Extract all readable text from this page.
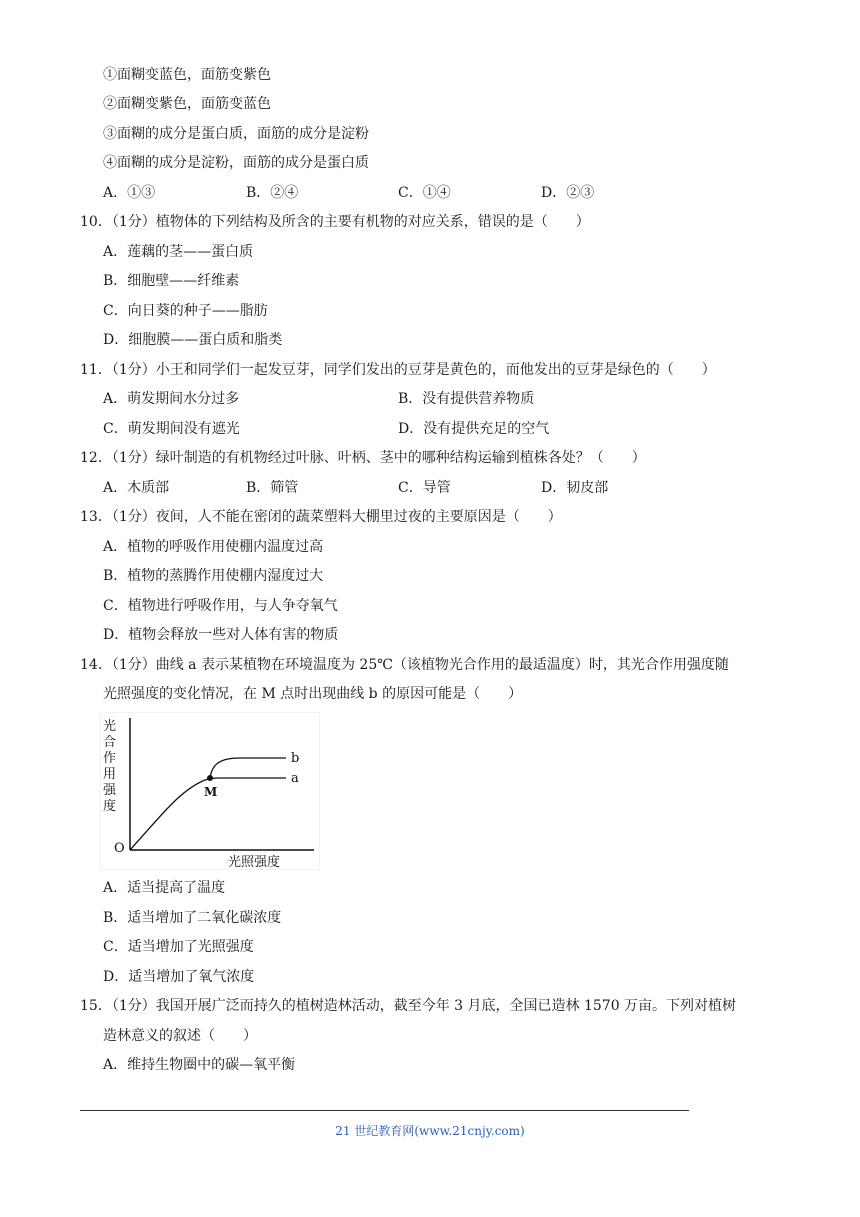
①面糊变蓝色，面筋变紫色
②面糊变紫色，面筋变蓝色
③面糊的成分是蛋白质，面筋的成分是淀粉
④面糊的成分是淀粉，面筋的成分是蛋白质
A．①③	B．②④	C．①④	D．②③
10．（1分）植物体的下列结构及所含的主要有机物的对应关系，错误的是（　　）
A．莲藕的茎——蛋白质
B．细胞壁——纤维素
C．向日葵的种子——脂肪
D．细胞膜——蛋白质和脂类
11．（1分）小王和同学们一起发豆芽，同学们发出的豆芽是黄色的，而他发出的豆芽是绿色的（　　）
A．萌发期间水分过多	B．没有提供营养物质
C．萌发期间没有遮光	D．没有提供充足的空气
12．（1分）绿叶制造的有机物经过叶脉、叶柄、茎中的哪种结构运输到植株各处？（　　）
A．木质部	B．筛管	C．导管	D．韧皮部
13．（1分）夜间，人不能在密闭的蔬菜塑料大棚里过夜的主要原因是（　　）
A．植物的呼吸作用使棚内温度过高
B．植物的蒸腾作用使棚内湿度过大
C．植物进行呼吸作用，与人争夺氧气
D．植物会释放一些对人体有害的物质
14．（1分）曲线 a 表示某植物在环境温度为 25℃（该植物光合作用的最适温度）时，其光合作用强度随
光照强度的变化情况，在 M 点时出现曲线 b 的原因可能是（　　）
光
合
作
用
强
度
O
M
a
b
光照强度
A．适当提高了温度
B．适当增加了二氧化碳浓度
C．适当增加了光照强度
D．适当增加了氧气浓度
15．（1分）我国开展广泛而持久的植树造林活动，截至今年 3 月底，全国已造林 1570 万亩。下列对植树
造林意义的叙述（　　）
A．维持生物圈中的碳—氧平衡
21 世纪教育网(www.21cnjy.com)
